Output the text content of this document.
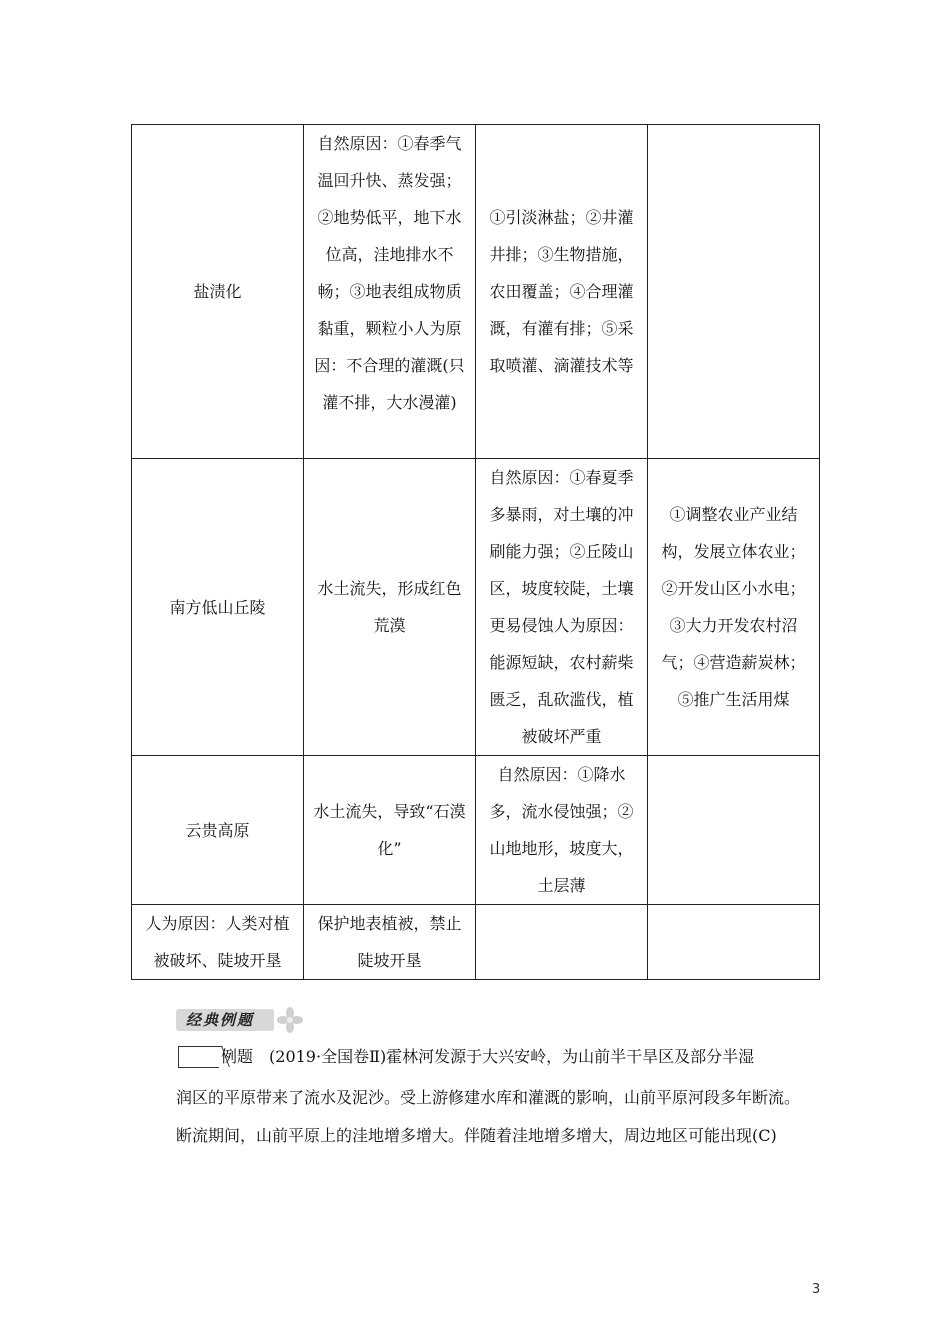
盐渍化	自然原因：①春季气温回升快、蒸发强；②地势低平，地下水位高，洼地排水不畅；③地表组成物质黏重，颗粒小人为原因：不合理的灌溉(只灌不排，大水漫灌)	①引淡淋盐；②井灌井排；③生物措施，农田覆盖；④合理灌溉，有灌有排；⑤采取喷灌、滴灌技术等	
南方低山丘陵	水土流失，形成红色荒漠	自然原因：①春夏季多暴雨，对土壤的冲刷能力强；②丘陵山区，坡度较陡，土壤更易侵蚀人为原因：能源短缺，农村薪柴匮乏，乱砍滥伐，植被破坏严重	①调整农业产业结构，发展立体农业；②开发山区小水电；③大力开发农村沼气；④营造薪炭林；⑤推广生活用煤
云贵高原	水土流失，导致“石漠化”	自然原因：①降水多，流水侵蚀强；②山地地形，坡度大，土层薄	
人为原因：人类对植被破坏、陡坡开垦	保护地表植被，禁止陡坡开垦		
经典例题
例题  (2019·全国卷Ⅱ)霍林河发源于大兴安岭，为山前半干旱区及部分半湿
润区的平原带来了流水及泥沙。受上游修建水库和灌溉的影响，山前平原河段多年断流。
断流期间，山前平原上的洼地增多增大。伴随着洼地增多增大，周边地区可能出现(C)
3
